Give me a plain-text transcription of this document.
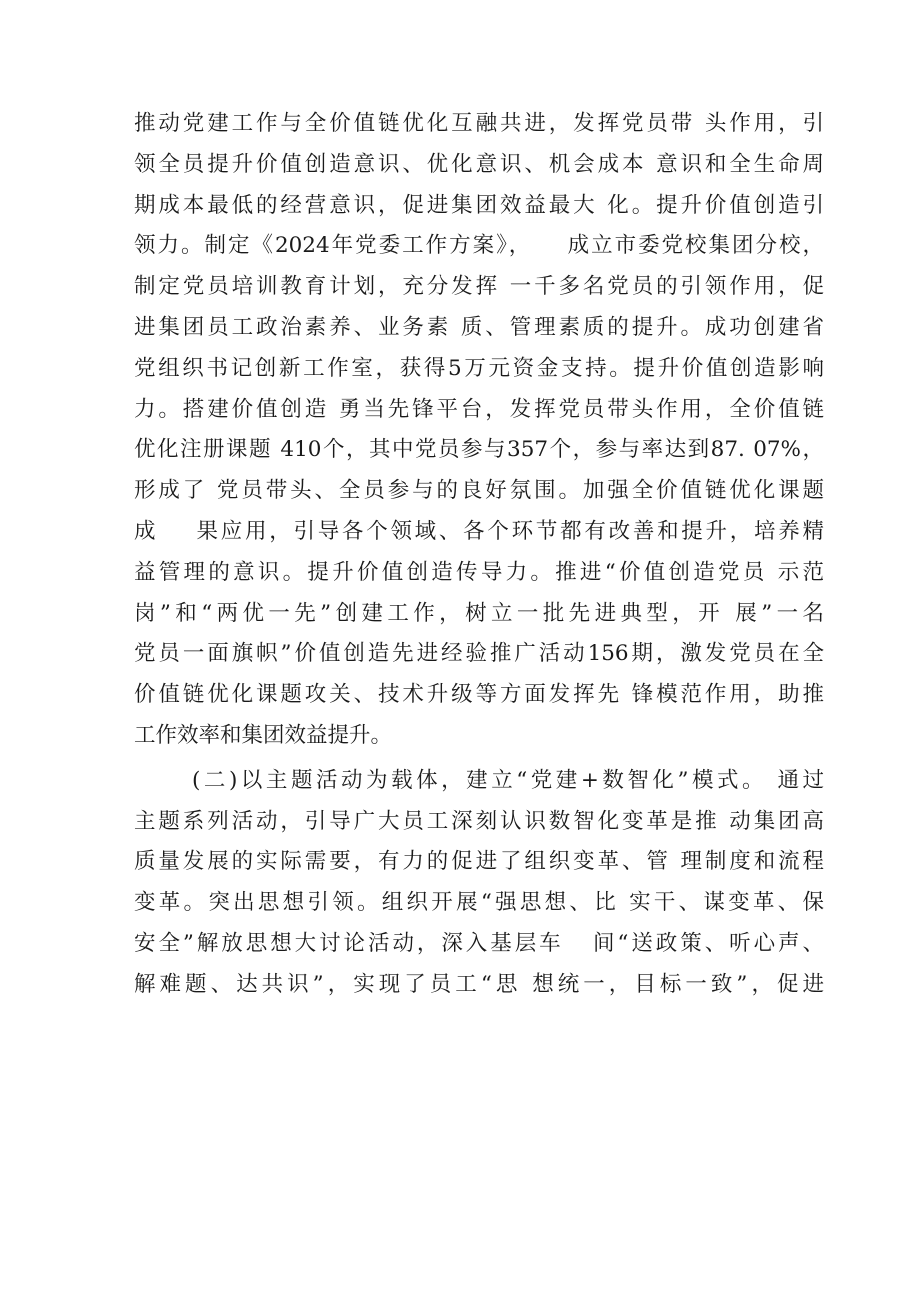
推动党建工作与全价值链优化互融共进，发挥党员带 头作用，引
领全员提升价值创造意识、优化意识、机会成本 意识和全生命周
期成本最低的经营意识，促进集团效益最大 化。提升价值创造引
领力。制定《2024年党委工作方案》，    成立市委党校集团分校，
制定党员培训教育计划，充分发挥 一千多名党员的引领作用，促
进集团员工政治素养、业务素 质、管理素质的提升。成功创建省
党组织书记创新工作室，获得5万元资金支持。提升价值创造影响
力。搭建价值创造 勇当先锋平台，发挥党员带头作用，全价值链
优化注册课题 410个，其中党员参与357个，参与率达到87. 07%，
形成了 党员带头、全员参与的良好氛围。加强全价值链优化课题
成    果应用，引导各个领域、各个环节都有改善和提升，培养精
益管理的意识。提升价值创造传导力。推进“价值创造党员 示范
岗”和“两优一先”创建工作，树立一批先进典型，开 展”一名
党员一面旗帜”价值创造先进经验推广活动156期，激发党员在全
价值链优化课题攻关、技术升级等方面发挥先 锋模范作用，助推
工作效率和集团效益提升。
(二)以主题活动为载体，建立“党建+数智化”模式。 通过
主题系列活动，引导广大员工深刻认识数智化变革是推 动集团高
质量发展的实际需要，有力的促进了组织变革、管 理制度和流程
变革。突出思想引领。组织开展“强思想、比 实干、谋变革、保
安全”解放思想大讨论活动，深入基层车   间“送政策、听心声、
解难题、达共识”，实现了员工“思 想统一，目标一致”，促进
